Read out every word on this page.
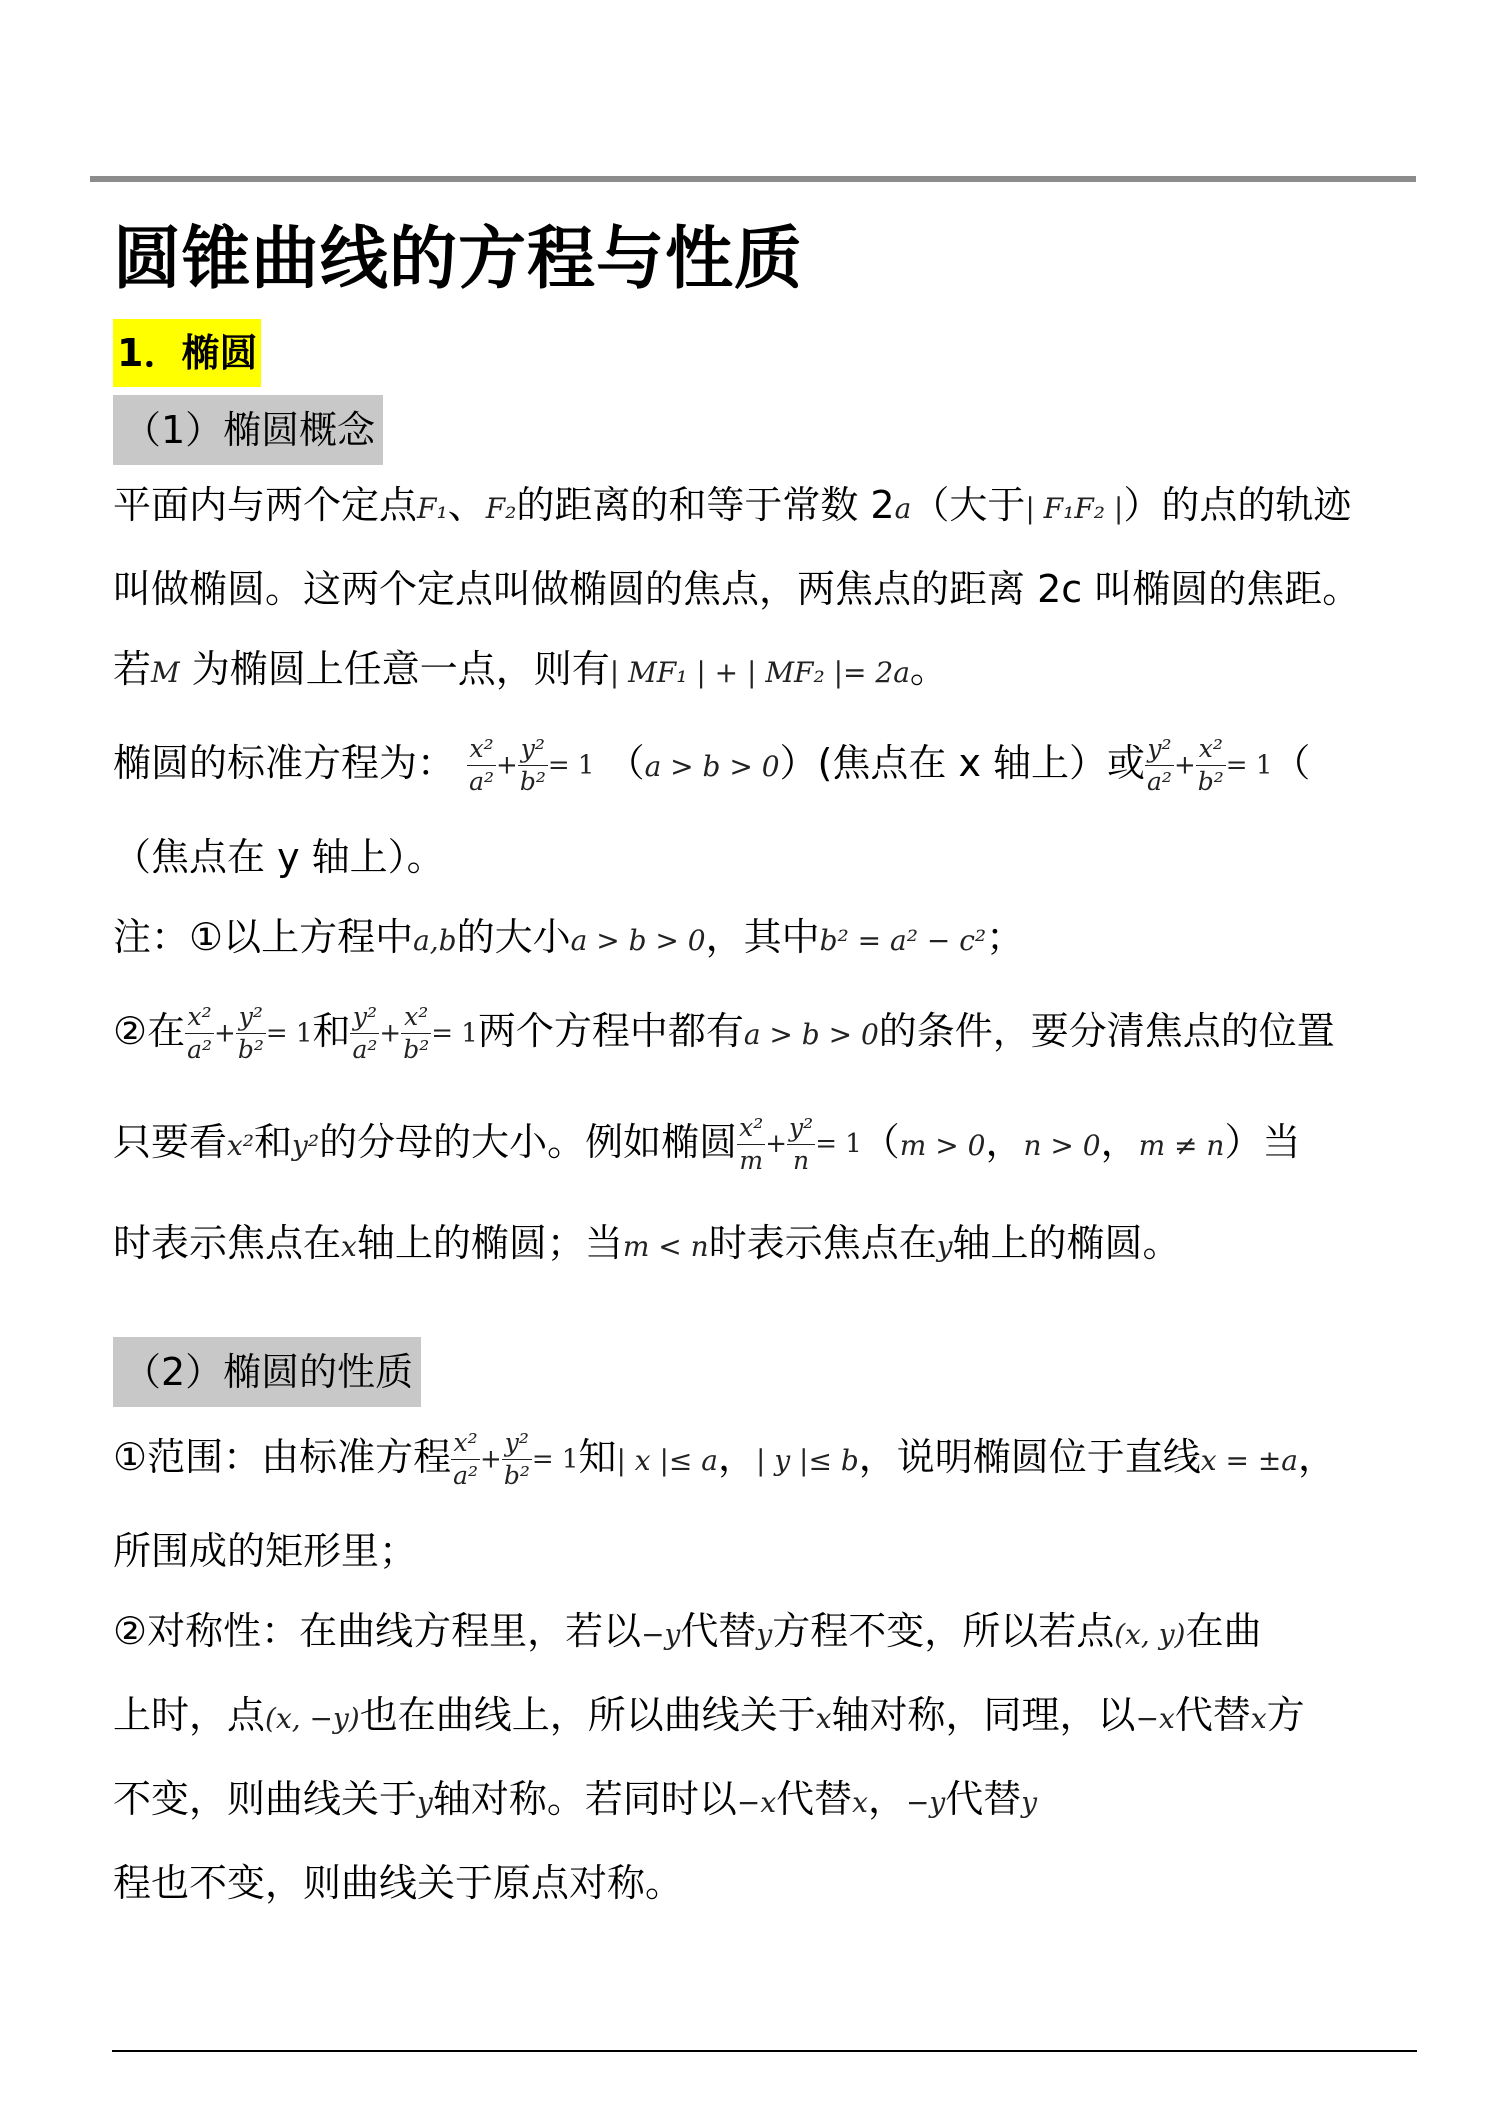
圆锥曲线的方程与性质
1．椭圆
（1）椭圆概念

平面内与两个定点F₁、F₂的距离的和等于常数 2a（大于| F₁F₂ |）的点的轨迹

叫做椭圆。这两个定点叫做椭圆的焦点，两焦点的距离 2c 叫椭圆的焦距。

若M 为椭圆上任意一点，则有| MF₁ | + | MF₂ |= 2a。

椭圆的标准方程为： $\frac{\text{x²}}{\text{a²}} + \frac{\text{y²}}{\text{b²}} = 1$ （a > b > 0）(焦点在 x 轴上）或 $\frac{\text{y²}}{\text{a²}} + \frac{\text{x²}}{\text{b²}} = 1$（

（焦点在 y 轴上）。

注：①以上方程中a,b的大小a > b > 0，其中b² = a² − c²；

②在 $\frac{\text{x²}}{\text{a²}} + \frac{\text{y²}}{\text{b²}} = 1$和 $\frac{\text{y²}}{\text{a²}} + \frac{\text{x²}}{\text{b²}} = 1$两个方程中都有a > b > 0的条件，要分清焦点的位置

只要看x²和y²的分母的大小。例如椭圆 $\frac{\text{x²}}{m} + \frac{\text{y²}}{n} = 1(m > 0$，n > 0，m ≠ n）当

时表示焦点在x轴上的椭圆；当m < n时表示焦点在y轴上的椭圆。

（2）椭圆的性质

①范围：由标准方程 $\frac{\text{x²}}{\text{a²}} + \frac{\text{y²}}{\text{b²}} = 1$知| x |≤ a，| y |≤ b，说明椭圆位于直线x = ±a，

所围成的矩形里；

②对称性：在曲线方程里，若以−y代替y方程不变，所以若点(x, y)在曲

上时，点(x, −y)也在曲线上，所以曲线关于x轴对称，同理，以−x代替x方

不变，则曲线关于y轴对称。若同时以−x代替x，−y代替y

程也不变，则曲线关于原点对称。
